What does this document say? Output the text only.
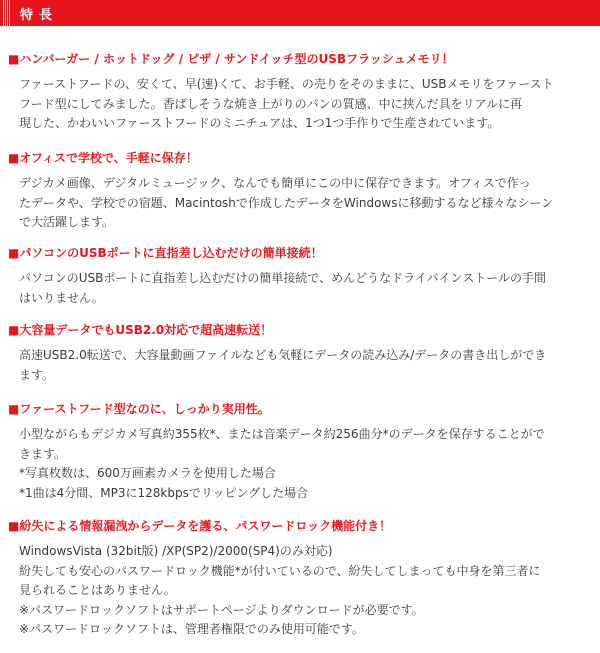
特長
■ハンバーガー / ホットドッグ / ピザ / サンドイッチ型のUSBフラッシュメモリ！

ファーストフードの、安くて、早(速)くて、お手軽、の売りをそのままに、USBメモリをファースト

フード型にしてみました。香ばしそうな焼き上がりのパンの質感、中に挟んだ具をリアルに再

現した、かわいいファーストフードのミニチュアは、1つ1つ手作りで生産されています。

■オフィスで学校で、手軽に保存！

デジカメ画像、デジタルミュージック、なんでも簡単にこの中に保存できます。オフィスで作っ

たデータや、学校での宿題、Macintoshで作成したデータをWindowsに移動するなど様々なシーン

で大活躍します。

■パソコンのUSBポートに直指差し込むだけの簡単接続！

パソコンのUSBポートに直指差し込むだけの簡単接続で、めんどうなドライバインストールの手間

はいりません。

■大容量データでもUSB2.0対応で超高速転送！

高速USB2.0転送で、大容量動画ファイルなども気軽にデータの読み込み/データの書き出しができ

ます。

■ファーストフード型なのに、しっかり実用性。

小型ながらもデジカメ写真約355枚*、または音楽データ約256曲分*のデータを保存することがで

きます。

*写真枚数は、600万画素カメラを使用した場合

*1曲は4分間、MP3に128kbpsでリッピングした場合

■紛失による情報漏洩からデータを護る、パスワードロック機能付き！

WindowsVista (32bit版) /XP(SP2)/2000(SP4)のみ対応)

紛失しても安心のパスワードロック機能*が付いているので、紛失してしまっても中身を第三者に

見られることはありません。

※パスワードロックソフトはサポートページよりダウンロードが必要です。

※パスワードロックソフトは、管理者権限でのみ使用可能です。
